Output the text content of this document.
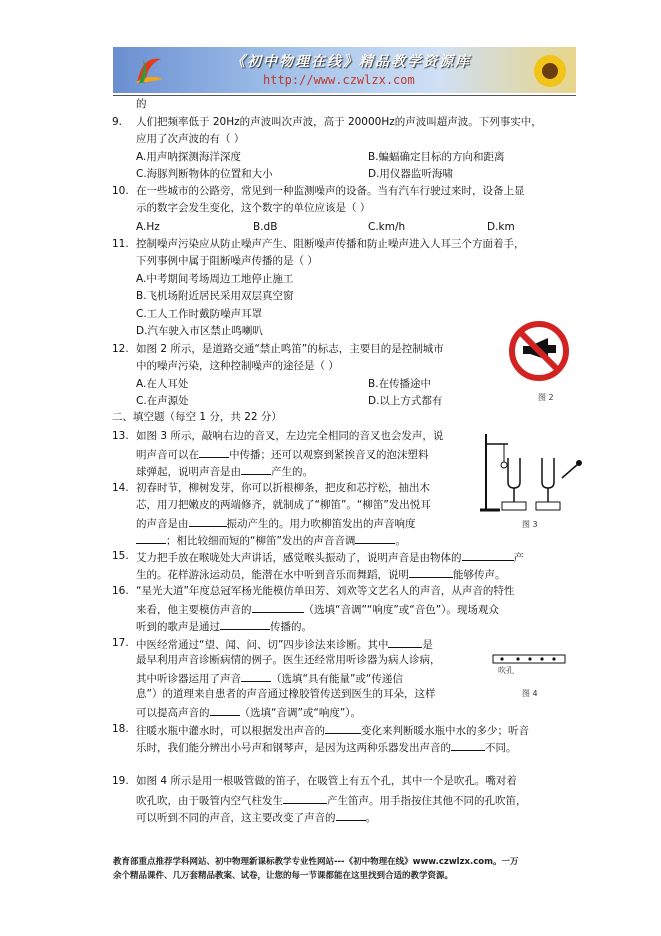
《初中物理在线》精品教学资源库
http://www.czwlzx.com
的
9. 人们把频率低于 20Hz的声波叫次声波，高于 20000Hz的声波叫超声波。下列事实中，
应用了次声波的有（ ）
A.用声呐探测海洋深度	B.蝙蝠确定目标的方向和距离
C.海豚判断物体的位置和大小	D.用仪器监听海啸
10. 在一些城市的公路旁，常见到一种监测噪声的设备。当有汽车行驶过来时，设备上显
示的数字会发生变化，这个数字的单位应该是（ ）
A.Hz	B.dB	C.km/h	D.km
11. 控制噪声污染应从防止噪声产生、阻断噪声传播和防止噪声进入人耳三个方面着手，
下列事例中属于阻断噪声传播的是（ ）
A.中考期间考场周边工地停止施工
B.飞机场附近居民采用双层真空窗
C.工人工作时戴防噪声耳罩
D.汽车驶入市区禁止鸣喇叭
12. 如图 2 所示，是道路交通“禁止鸣笛”的标志，主要目的是控制城市
中的噪声污染，这种控制噪声的途径是（ ）
A.在人耳处	B.在传播途中
C.在声源处	D.以上方式都有	图 2
二、填空题（每空 1 分，共 22 分）
13. 如图 3 所示，敲响右边的音叉，左边完全相同的音叉也会发声，说
明声音可以在	中传播；还可以观察到紧挨音叉的泡沫塑料
球弹起，说明声音是由	产生的。
14. 初春时节，柳树发芽，你可以折根柳条，把皮和芯拧松，抽出木
芯，用刀把嫩皮的两端修齐，就制成了“柳笛”。“柳笛”发出悦耳
的声音是由	振动产生的。用力吹柳笛发出的声音响度
；相比较细而短的“柳笛”发出的声音音调	。
图 3
15. 艾力把手放在喉咙处大声讲话，感觉喉头振动了，说明声音是由物体的	产
生的。花样游泳运动员，能潜在水中听到音乐而舞蹈，说明	能够传声。
16. “星光大道”年度总冠军杨光能模仿单田芳、刘欢等文艺名人的声音，从声音的特性
来看，他主要模仿声音的	（选填“音调”“响度”或“音色”）。现场观众
听到的歌声是通过	传播的。
17. 中医经常通过“望、闻、问、切”四步诊法来诊断。其中	是
最早利用声音诊断病情的例子。医生还经常用听诊器为病人诊病，
其中听诊器运用了声音	（选填“具有能量”或“传递信
息”）的道理来自患者的声音通过橡胶管传送到医生的耳朵，这样
可以提高声音的	（选填“音调”或“响度”）。
吹孔
图 4
18. 往暖水瓶中灌水时，可以根据发出声音的	变化来判断暖水瓶中水的多少；听音
乐时，我们能分辨出小号声和钢琴声，是因为这两种乐器发出声音的	不同。
19. 如图 4 所示是用一根吸管做的笛子，在吸管上有五个孔，其中一个是吹孔。嘴对着
吹孔吹，由于吸管内空气柱发生	产生笛声。用手指按住其他不同的孔吹笛，
可以听到不同的声音，这主要改变了声音的	。
教育部重点推荐学科网站、初中物理新课标教学专业性网站---《初中物理在线》www.czwlzx.com。一万
余个精品课件、几万套精品教案、试卷，让您的每一节课都能在这里找到合适的教学资源。
